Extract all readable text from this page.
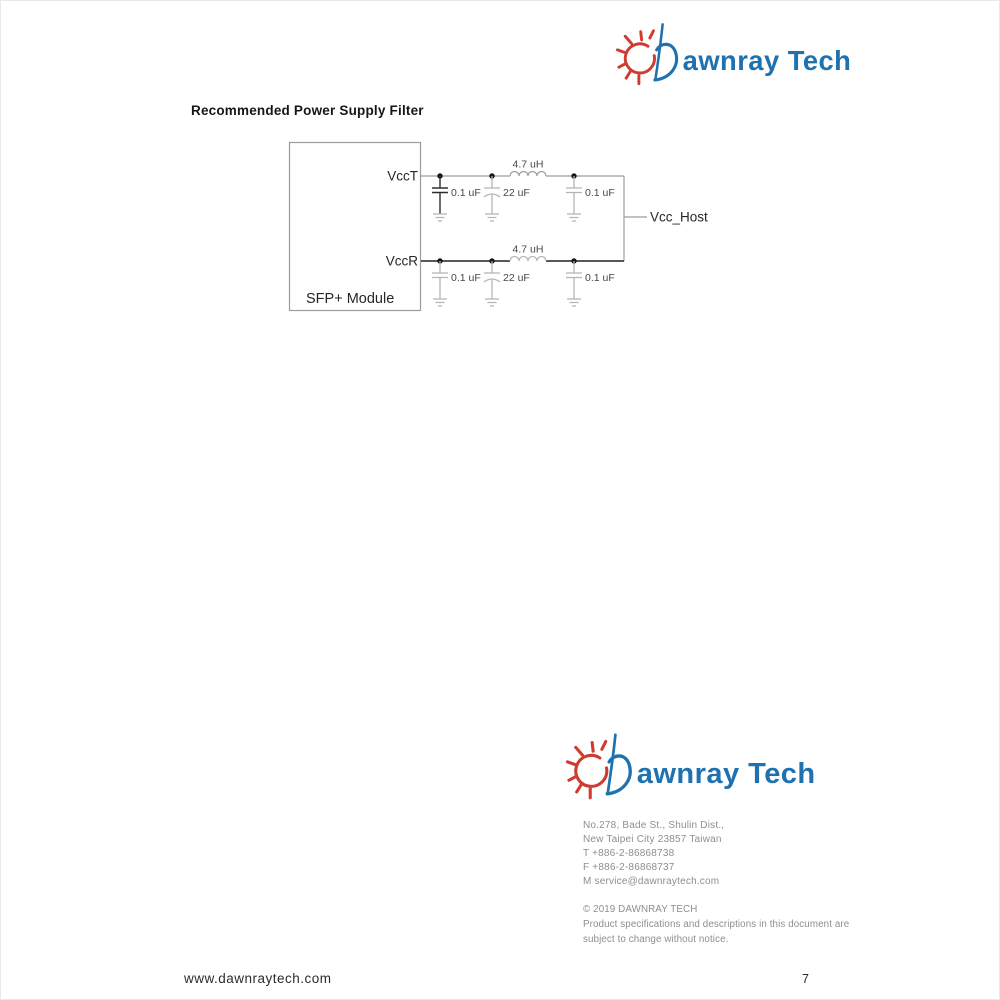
awnray Tech
Recommended Power Supply Filter
VccT
VccR
SFP+ Module
4.7 uH
0.1 uF 22 uF	0.1 uF
4.7 uH
0.1 uF 22 uF	0.1 uF
Vcc_Host
awnray Tech
No.278, Bade St., Shulin Dist.,
New Taipei City 23857 Taiwan
T +886-2-86868738
F +886-2-86868737
M service@dawnraytech.com
© 2019 DAWNRAY TECH
Product specifications and descriptions in this document are
subject to change without notice.
www.dawnraytech.com	7
